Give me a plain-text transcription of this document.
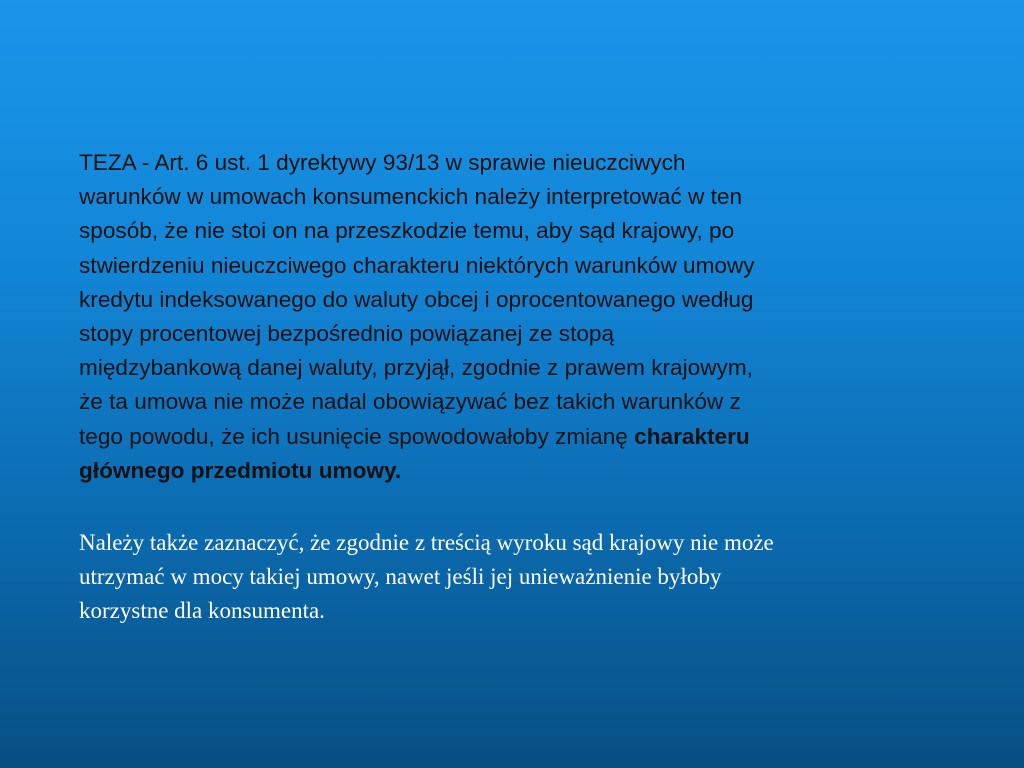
TEZA - Art. 6 ust. 1 dyrektywy 93/13 w sprawie nieuczciwych
warunków w umowach konsumenckich należy interpretować w ten
sposób, że nie stoi on na przeszkodzie temu, aby sąd krajowy, po
stwierdzeniu nieuczciwego charakteru niektórych warunków umowy
kredytu indeksowanego do waluty obcej i oprocentowanego według
stopy procentowej bezpośrednio powiązanej ze stopą
międzybankową danej waluty, przyjął, zgodnie z prawem krajowym,
że ta umowa nie może nadal obowiązywać bez takich warunków z
tego powodu, że ich usunięcie spowodowałoby zmianę charakteru
głównego przedmiotu umowy.

Należy także zaznaczyć, że zgodnie z treścią wyroku sąd krajowy nie może
utrzymać w mocy takiej umowy, nawet jeśli jej unieważnienie byłoby
korzystne dla konsumenta.
